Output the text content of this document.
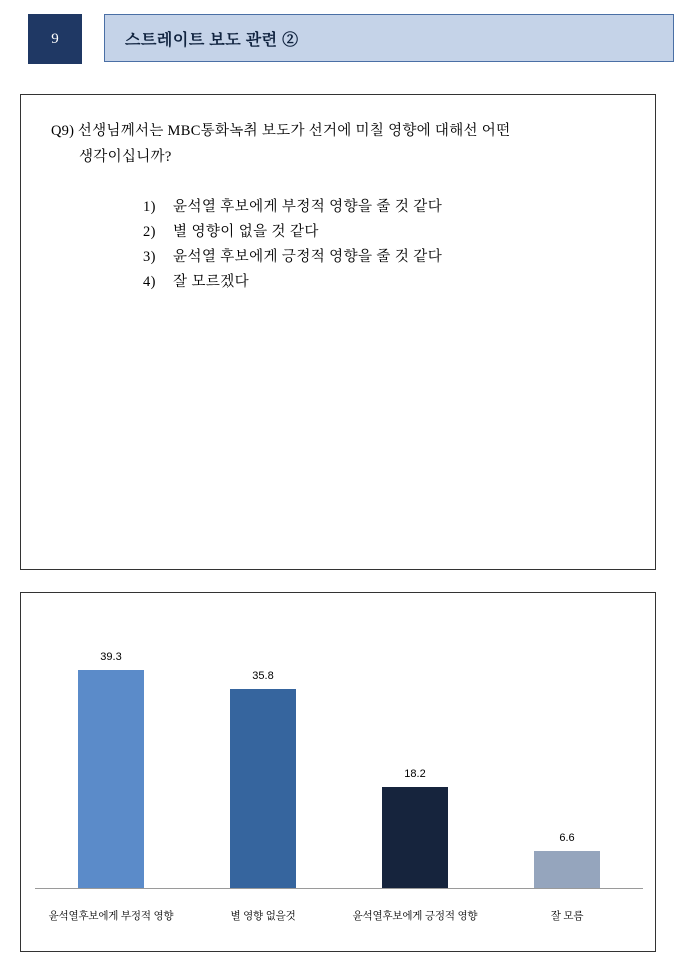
9	스트레이트 보도 관련 ②
Q9) 선생님께서는 MBC통화녹취 보도가 선거에 미칠 영향에 대해선 어떤
생각이십니까?
1) 윤석열 후보에게 부정적 영향을 줄 것 같다
2) 별 영향이 없을 것 같다
3) 윤석열 후보에게 긍정적 영향을 줄 것 같다
4) 잘 모르겠다
39.3
35.8
18.2
6.6
윤석열후보에게 부정적 영향	별 영향 없을것	윤석열후보에게 긍정적 영향	잘 모름
